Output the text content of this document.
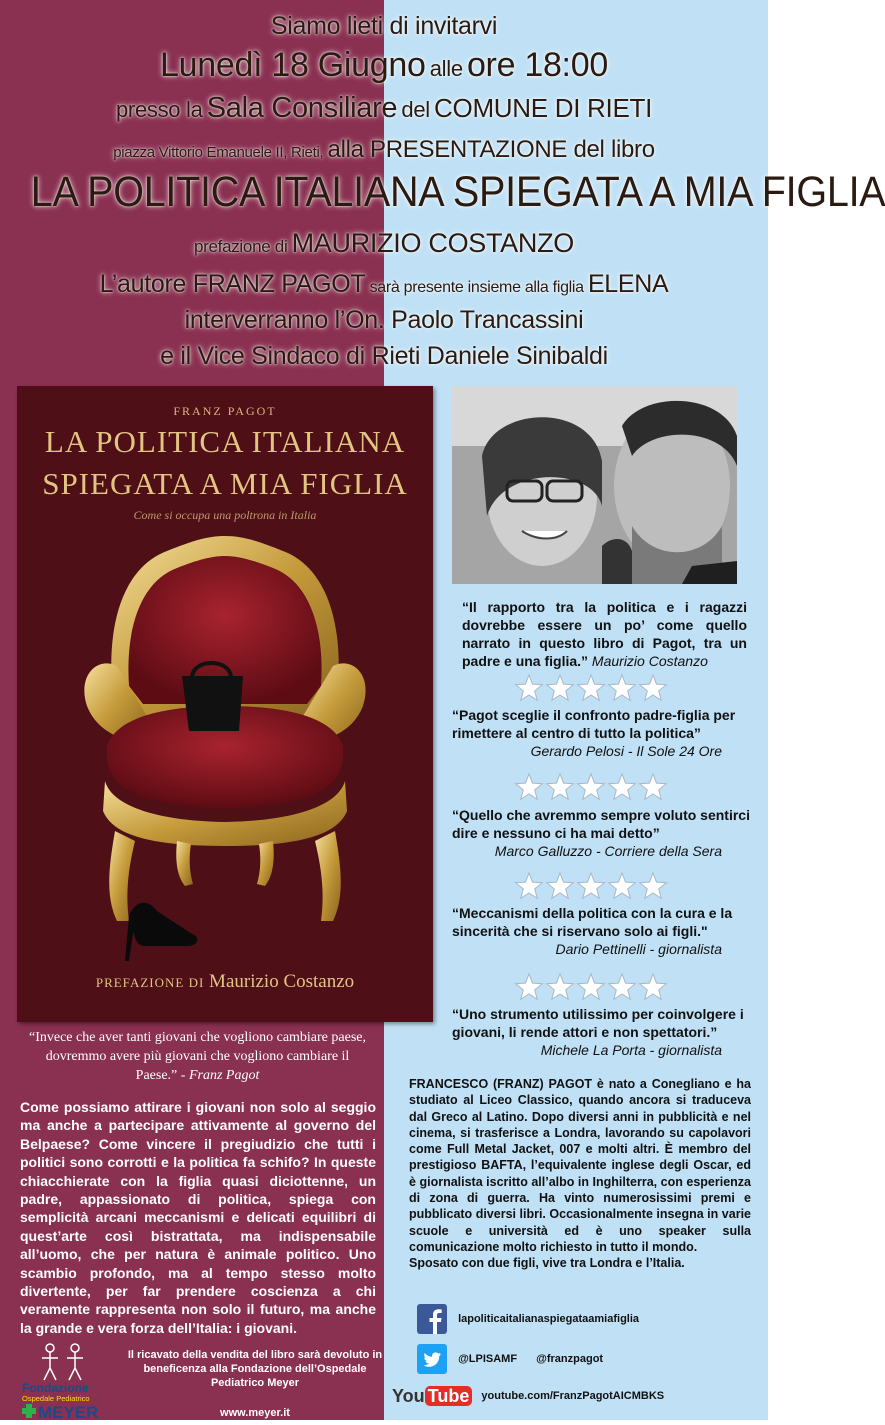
Siamo lieti di invitarvi
Lunedì 18 Giugno alle ore 18:00
presso la Sala Consiliare del COMUNE DI RIETI
piazza Vittorio Emanuele II, Rieti, alla PRESENTAZIONE del libro
LA POLITICA ITALIANA SPIEGATA A MIA FIGLIA
prefazione di MAURIZIO COSTANZO
L’autore FRANZ PAGOT sarà presente insieme alla figlia ELENA
interverranno l’On. Paolo Trancassini
e il Vice Sindaco di Rieti Daniele Sinibaldi
FRANZ PAGOT
LA POLITICA ITALIANA
SPIEGATA A MIA FIGLIA
Come si occupa una poltrona in Italia
PREFAZIONE DI Maurizio Costanzo
“Il rapporto tra la politica e i ragazzi dovrebbe essere un po’ come quello narrato in questo libro di Pagot, tra un padre e una figlia.” Maurizio Costanzo
“Pagot sceglie il confronto padre-figlia per rimettere al centro di tutto la politica”
Gerardo Pelosi - Il Sole 24 Ore
“Quello che avremmo sempre voluto sentirci dire e nessuno ci ha mai detto”
Marco Galluzzo - Corriere della Sera
“Meccanismi della politica con la cura e la sincerità che si riservano solo ai figli."
Dario Pettinelli - giornalista
“Uno strumento utilissimo per coinvolgere i giovani, li rende attori e non spettatori.”
Michele La Porta - giornalista
“Invece che aver tanti giovani che vogliono cambiare paese, dovremmo avere più giovani che vogliono cambiare il Paese.” - Franz Pagot
Come possiamo attirare i giovani non solo al seggio ma anche a partecipare attivamente al governo del Belpaese? Come vincere il pregiudizio che tutti i politici sono corrotti e la politica fa schifo? In queste chiacchierate con la figlia quasi diciottenne, un padre, appassionato di politica, spiega con semplicità arcani meccanismi e delicati equilibri di quest’arte così bistrattata, ma indispensabile all’uomo, che per natura è animale politico. Uno scambio profondo, ma al tempo stesso molto divertente, per far prendere coscienza a chi veramente rappresenta non solo il futuro, ma anche la grande e vera forza dell’Italia: i giovani.
FRANCESCO (FRANZ) PAGOT è nato a Conegliano e ha studiato al Liceo Classico, quando ancora si traduceva dal Greco al Latino. Dopo diversi anni in pubblicità e nel cinema, si trasferisce a Londra, lavorando su capolavori come Full Metal Jacket, 007 e molti altri. È membro del prestigioso BAFTA, l’equivalente inglese degli Oscar, ed è giornalista iscritto all’albo in Inghilterra, con esperienza di zona di guerra. Ha vinto numerosissimi premi e pubblicato diversi libri. Occasionalmente insegna in varie scuole e università ed è uno speaker sulla comunicazione molto richiesto in tutto il mondo.
Sposato con due figli, vive tra Londra e l’Italia.
lapoliticaitalianaspiegataamiafiglia
@LPISAMF @franzpagot
You Tube youtube.com/FranzPagotAICMBKS
Fondazione
Ospedale Pediatrico
MEYER
Il ricavato della vendita del libro sarà devoluto in beneficenza alla Fondazione dell’Ospedale Pediatrico Meyer
www.meyer.it
